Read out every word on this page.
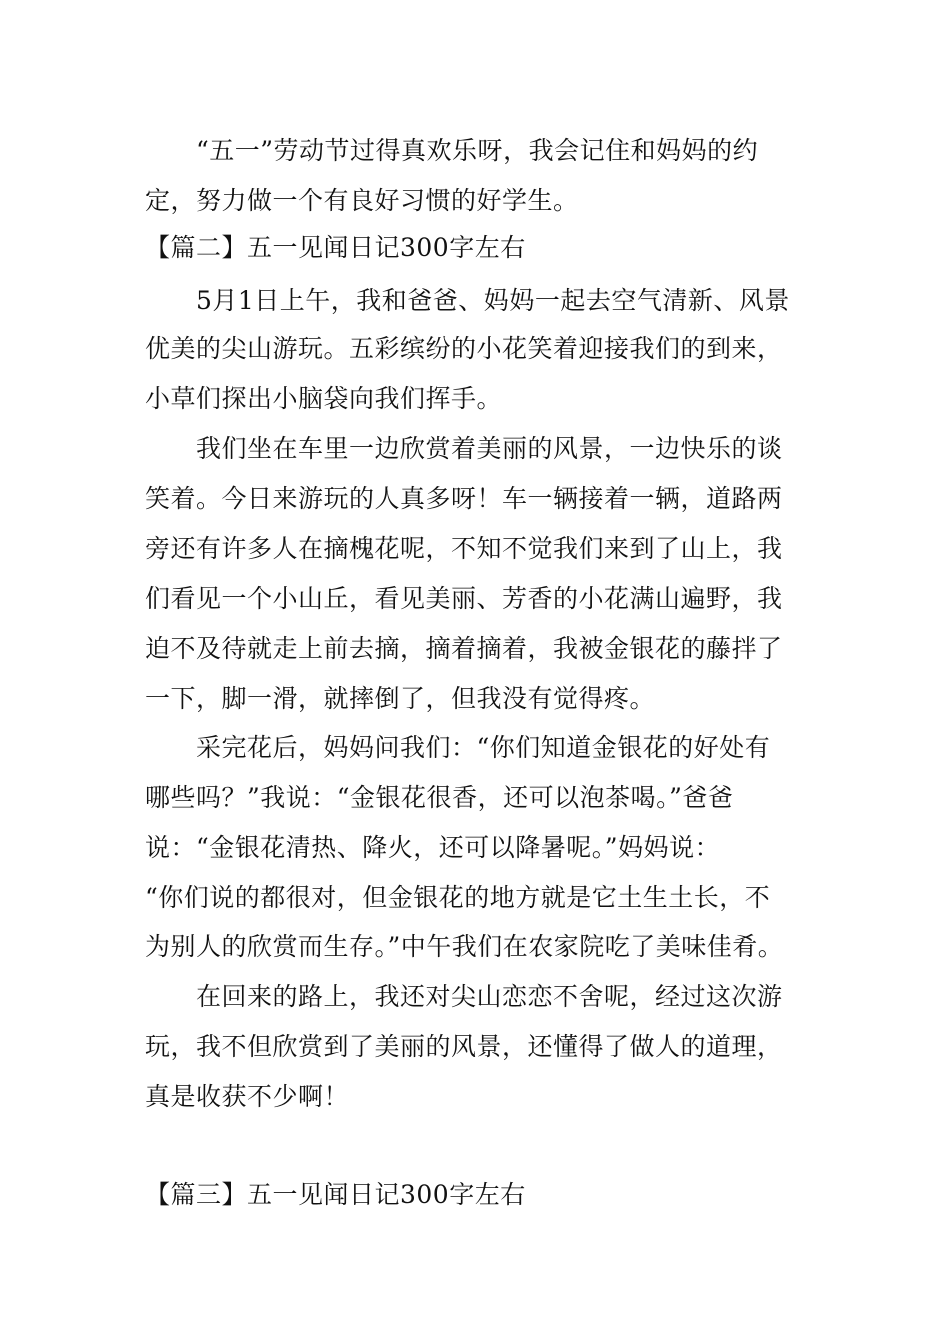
“五一”劳动节过得真欢乐呀，我会记住和妈妈的约

定，努力做一个有良好习惯的好学生。

【篇二】五一见闻日记300字左右

5月1日上午，我和爸爸、妈妈一起去空气清新、风景

优美的尖山游玩。五彩缤纷的小花笑着迎接我们的到来，

小草们探出小脑袋向我们挥手。

我们坐在车里一边欣赏着美丽的风景，一边快乐的谈

笑着。今日来游玩的人真多呀！车一辆接着一辆，道路两

旁还有许多人在摘槐花呢，不知不觉我们来到了山上，我

们看见一个小山丘，看见美丽、芳香的小花满山遍野，我

迫不及待就走上前去摘，摘着摘着，我被金银花的藤拌了

一下，脚一滑，就摔倒了，但我没有觉得疼。

采完花后，妈妈问我们：“你们知道金银花的好处有

哪些吗？”我说：“金银花很香，还可以泡茶喝。”爸爸

说：“金银花清热、降火，还可以降暑呢。”妈妈说：

“你们说的都很对，但金银花的地方就是它土生土长，不

为别人的欣赏而生存。”中午我们在农家院吃了美味佳肴。

在回来的路上，我还对尖山恋恋不舍呢，经过这次游

玩，我不但欣赏到了美丽的风景，还懂得了做人的道理，

真是收获不少啊！

【篇三】五一见闻日记300字左右
